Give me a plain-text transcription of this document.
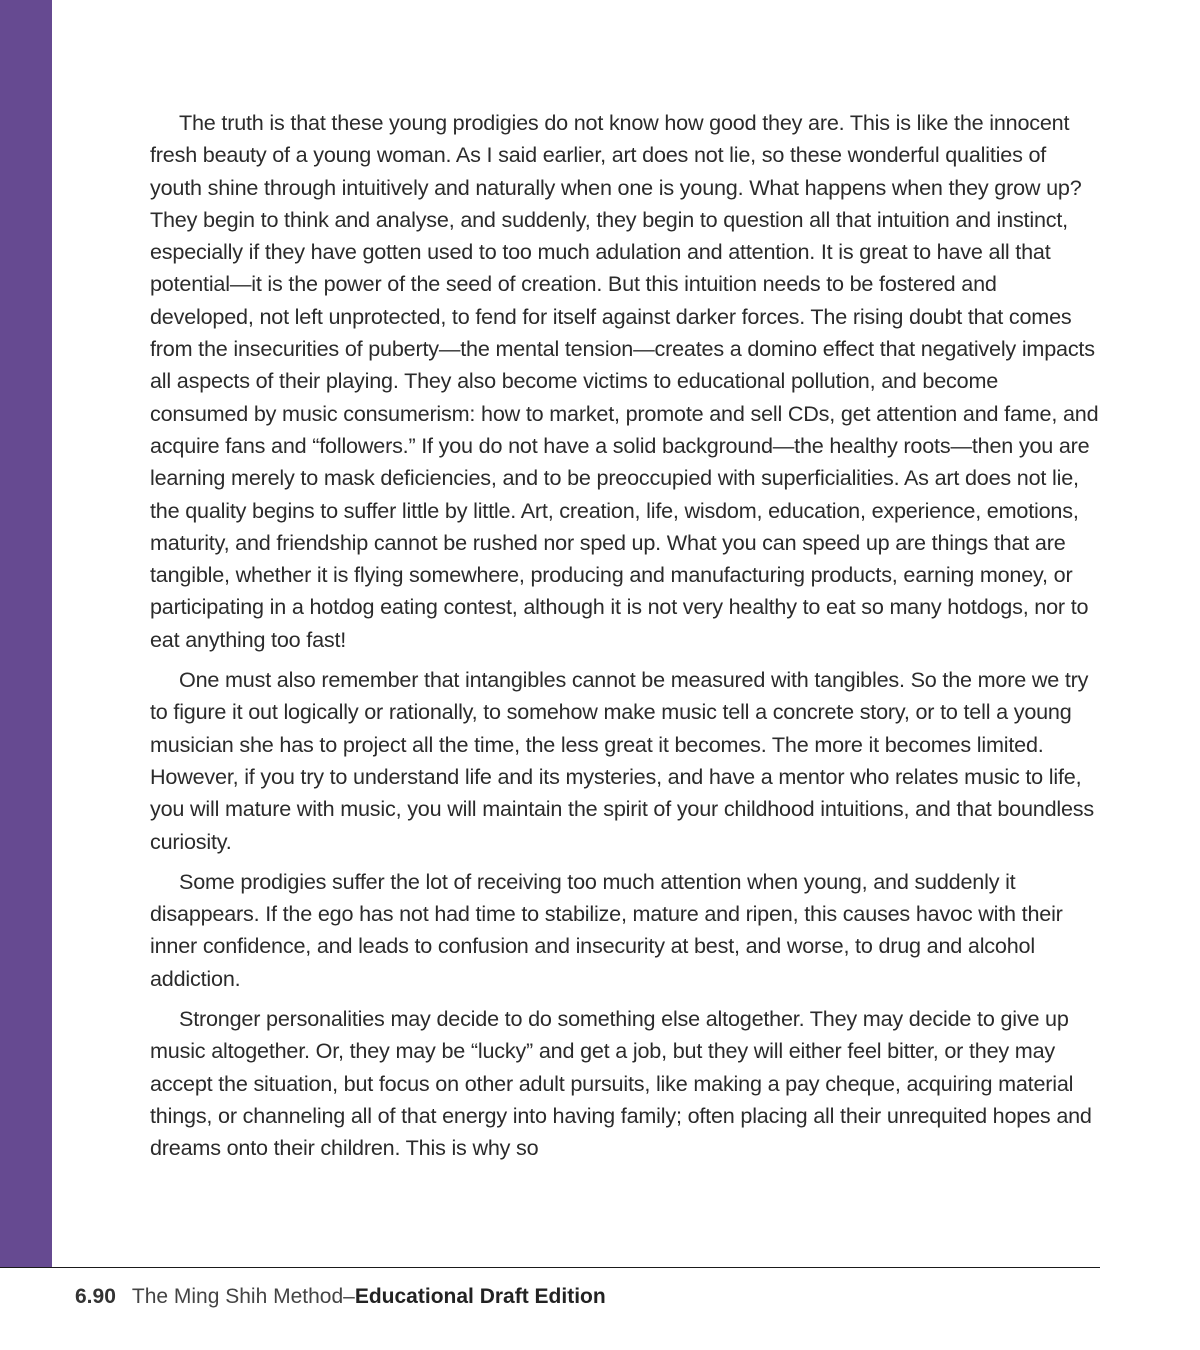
The truth is that these young prodigies do not know how good they are. This is like the innocent fresh beauty of a young woman. As I said earlier, art does not lie, so these wonderful qualities of youth shine through intuitively and naturally when one is young. What happens when they grow up? They begin to think and analyse, and suddenly, they begin to question all that intuition and instinct, especially if they have gotten used to too much adulation and attention. It is great to have all that potential—it is the power of the seed of creation. But this intuition needs to be fostered and developed, not left unprotected, to fend for itself against darker forces. The rising doubt that comes from the insecurities of puberty—the mental tension—creates a domino effect that negatively impacts all aspects of their playing. They also become victims to educational pollution, and become consumed by music consumerism: how to market, promote and sell CDs, get attention and fame, and acquire fans and “followers.” If you do not have a solid background—the healthy roots—then you are learning merely to mask deficiencies, and to be preoccupied with superficialities. As art does not lie, the quality begins to suffer little by little. Art, creation, life, wisdom, education, experience, emotions, maturity, and friendship cannot be rushed nor sped up. What you can speed up are things that are tangible, whether it is flying somewhere, producing and manufacturing products, earning money, or participating in a hotdog eating contest, although it is not very healthy to eat so many hotdogs, nor to eat anything too fast!

One must also remember that intangibles cannot be measured with tangibles. So the more we try to figure it out logically or rationally, to somehow make music tell a concrete story, or to tell a young musician she has to project all the time, the less great it becomes. The more it becomes limited. However, if you try to understand life and its mysteries, and have a mentor who relates music to life, you will mature with music, you will maintain the spirit of your childhood intuitions, and that boundless curiosity.

Some prodigies suffer the lot of receiving too much attention when young, and suddenly it disappears. If the ego has not had time to stabilize, mature and ripen, this causes havoc with their inner confidence, and leads to confusion and insecurity at best, and worse, to drug and alcohol addiction.

Stronger personalities may decide to do something else altogether. They may decide to give up music altogether. Or, they may be “lucky” and get a job, but they will either feel bitter, or they may accept the situation, but focus on other adult pursuits, like making a pay cheque, acquiring material things, or channeling all of that energy into having family; often placing all their unrequited hopes and dreams onto their children. This is why so

6.90 The Ming Shih Method–Educational Draft Edition
